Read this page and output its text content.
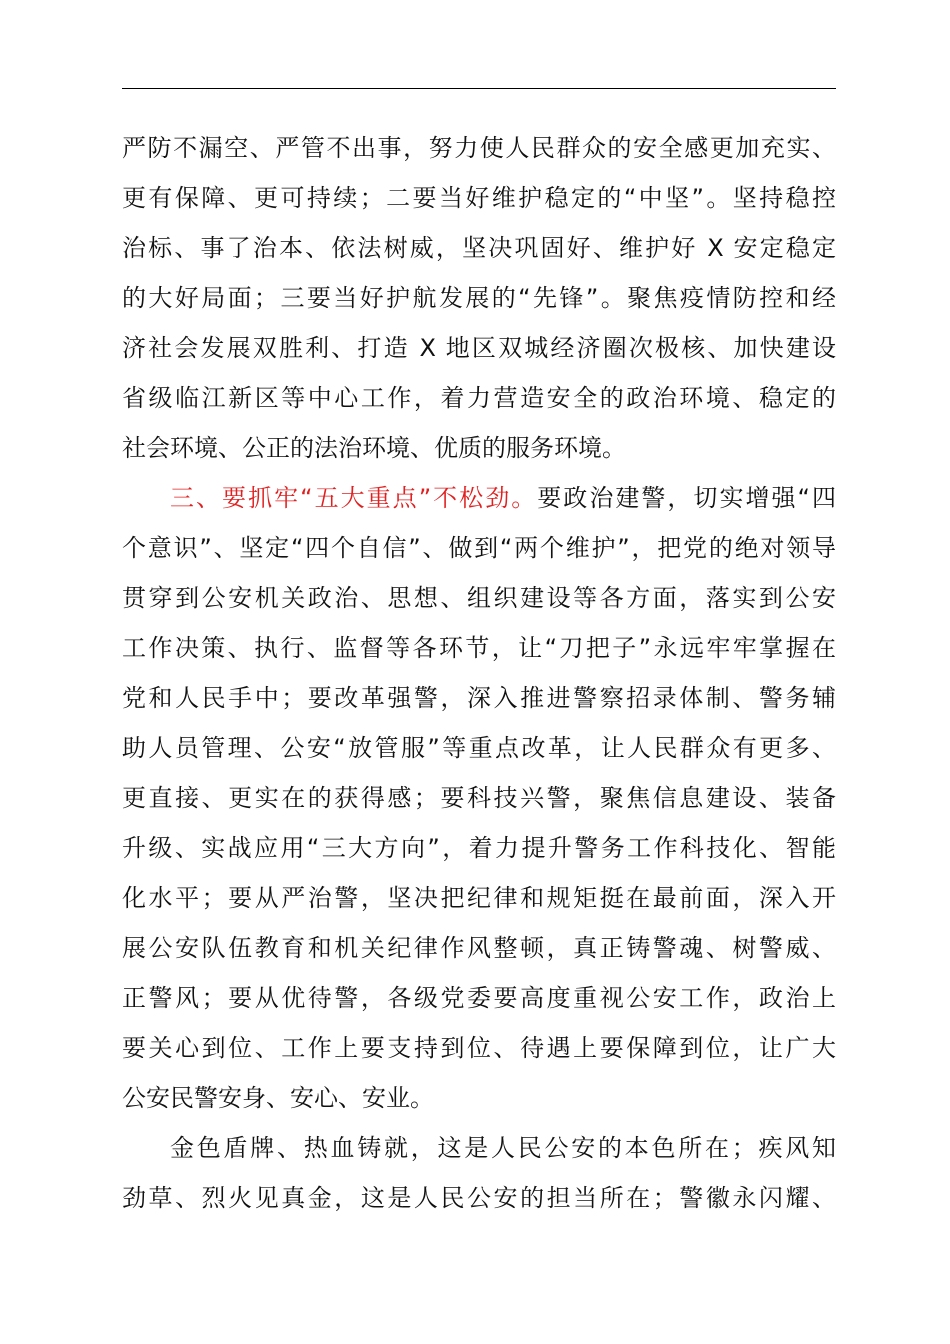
严防不漏空、严管不出事，努力使人民群众的安全感更加充实、
更有保障、更可持续；二要当好维护稳定的“中坚”。坚持稳控
治标、事了治本、依法树威，坚决巩固好、维护好 X 安定稳定
的大好局面；三要当好护航发展的“先锋”。聚焦疫情防控和经
济社会发展双胜利、打造 X 地区双城经济圈次极核、加快建设
省级临江新区等中心工作，着力营造安全的政治环境、稳定的
社会环境、公正的法治环境、优质的服务环境。
三、要抓牢“五大重点”不松劲。要政治建警，切实增强“四
个意识”、坚定“四个自信”、做到“两个维护”，把党的绝对领导
贯穿到公安机关政治、思想、组织建设等各方面，落实到公安
工作决策、执行、监督等各环节，让“刀把子”永远牢牢掌握在
党和人民手中；要改革强警，深入推进警察招录体制、警务辅
助人员管理、公安“放管服”等重点改革，让人民群众有更多、
更直接、更实在的获得感；要科技兴警，聚焦信息建设、装备
升级、实战应用“三大方向”，着力提升警务工作科技化、智能
化水平；要从严治警，坚决把纪律和规矩挺在最前面，深入开
展公安队伍教育和机关纪律作风整顿，真正铸警魂、树警威、
正警风；要从优待警，各级党委要高度重视公安工作，政治上
要关心到位、工作上要支持到位、待遇上要保障到位，让广大
公安民警安身、安心、安业。
金色盾牌、热血铸就，这是人民公安的本色所在；疾风知
劲草、烈火见真金，这是人民公安的担当所在；警徽永闪耀、
